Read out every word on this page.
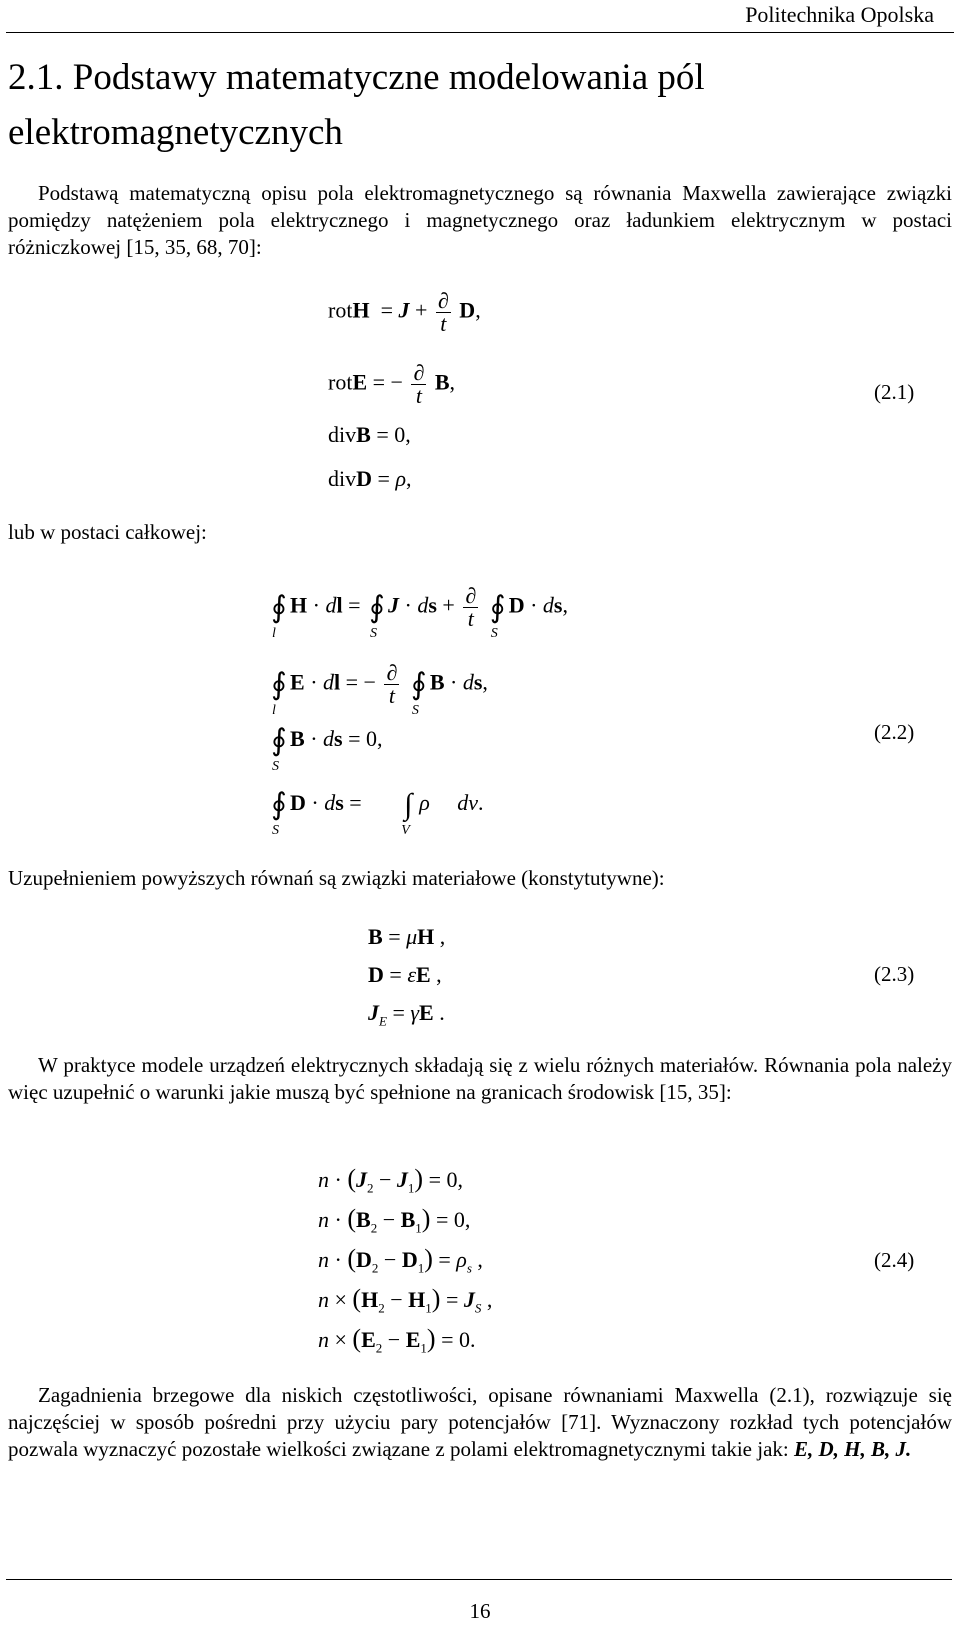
Politechnika Opolska
2.1. Podstawy matematyczne modelowania pól elektromagnetycznych
Podstawą matematyczną opisu pola elektromagnetycznego są równania Maxwella zawierające związki pomiędzy natężeniem pola elektrycznego i magnetycznego oraz ładunkiem elektrycznym w postaci różniczkowej [15, 35, 68, 70]:
rotH  = $J + \frac{\partial}{t} D$,
rotE = − $\frac{\partial}{t} B$,
divB = 0,
divD = ρ,
(2.1)
lub w postaci całkowej:
∮
l
H · dl = ∮
S
J · ds + $\frac{\partial}{t}$ ∮
S
D · ds,
∮
l
E · dl = − $\frac{\partial}{t}$ ∮
S
B · ds,
∮
S
B · ds = 0,
∮
S
D · ds = ∫
V
ρ dv.
(2.2)
Uzupełnieniem powyższych równań są związki materiałowe (konstytutywne):
B = μH ,
D = εE ,
$J_E = \gamma E$ .
(2.3)
W praktyce modele urządzeń elektrycznych składają się z wielu różnych materiałów. Równania pola należy więc uzupełnić o warunki jakie muszą być spełnione na granicach środowisk [15, 35]:
$n \cdot (J_2 - J_1) = 0$,
$n \cdot (B_2 - B_1) = 0$,
$n \cdot (D_2 - D_1) = \rho_s$ ,
$n \times (H_2 - H_1) = J_S$ ,
$n \times (E_2 - E_1) = 0$.
(2.4)
Zagadnienia brzegowe dla niskich częstotliwości, opisane równaniami Maxwella (2.1), rozwiązuje się najczęściej w sposób pośredni przy użyciu pary potencjałów [71]. Wyznaczony rozkład tych potencjałów pozwala wyznaczyć pozostałe wielkości związane z polami elektromagnetycznymi takie jak: E, D, H, B, J.
16
